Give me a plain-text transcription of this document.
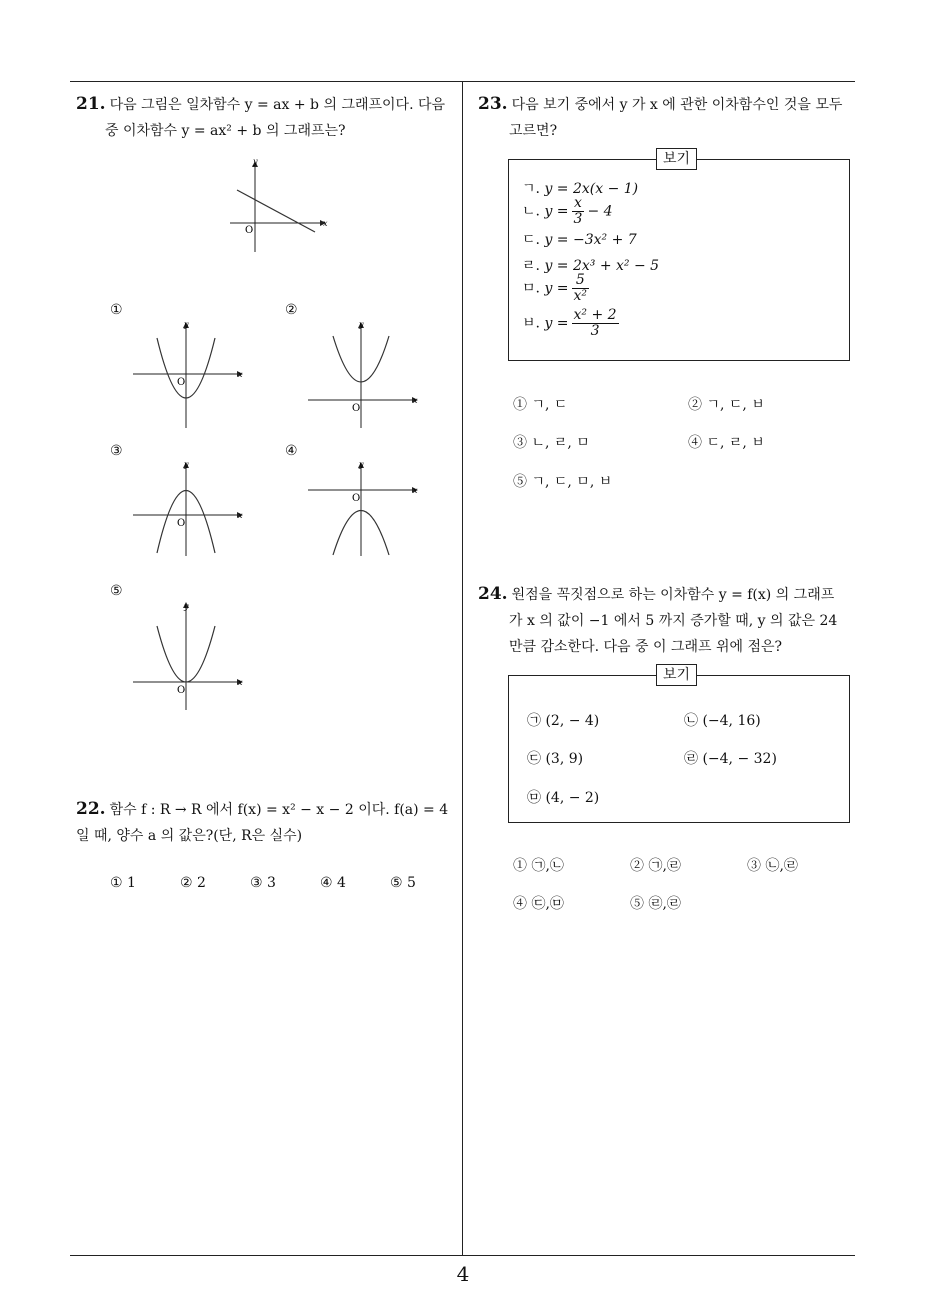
21. 다음 그림은 일차함수 y = ax + b 의 그래프이다. 다음
중 이차함수 y = ax² + b 의 그래프는?
x
y
O
①	②
③	④
⑤
x
y
O
x
y
O
x
y
O
x
y
O
x
y
O
22. 함수 f : R → R 에서 f(x) = x² − x − 2 이다. f(a) = 4
일 때, 양수 a 의 값은?(단, R은 실수)
① 1	② 2	③ 3	④ 4	⑤ 5
23. 다음 보기 중에서 y 가 x 에 관한 이차함수인 것을 모두
고르면?
보기
ㄱ. y = 2x(x − 1)
ㄴ. $y = \frac{x}{3} - 4$
ㄷ. y = −3x² + 7
ㄹ. y = 2x³ + x² − 5
ㅁ. $y = \frac{5}{\text{x²}}$
ㅂ. $y = \frac{\text{x² + 2}}{3}$
① ㄱ, ㄷ	② ㄱ, ㄷ, ㅂ
③ ㄴ, ㄹ, ㅁ	④ ㄷ, ㄹ, ㅂ
⑤ ㄱ, ㄷ, ㅁ, ㅂ
24. 원점을 꼭짓점으로 하는 이차함수 y = f(x) 의 그래프
가 x 의 값이 −1 에서 5 까지 증가할 때, y 의 값은 24
만큼 감소한다. 다음 중 이 그래프 위에 점은?
보기
㉠ (2, − 4)	㉡ (−4, 16)
㉢ (3, 9)	㉣ (−4, − 32)
㉤ (4, − 2)
① ㉠,㉡	② ㉠,㉣	③ ㉡,㉣
④ ㉢,㉤	⑤ ㉣,㉣
4
